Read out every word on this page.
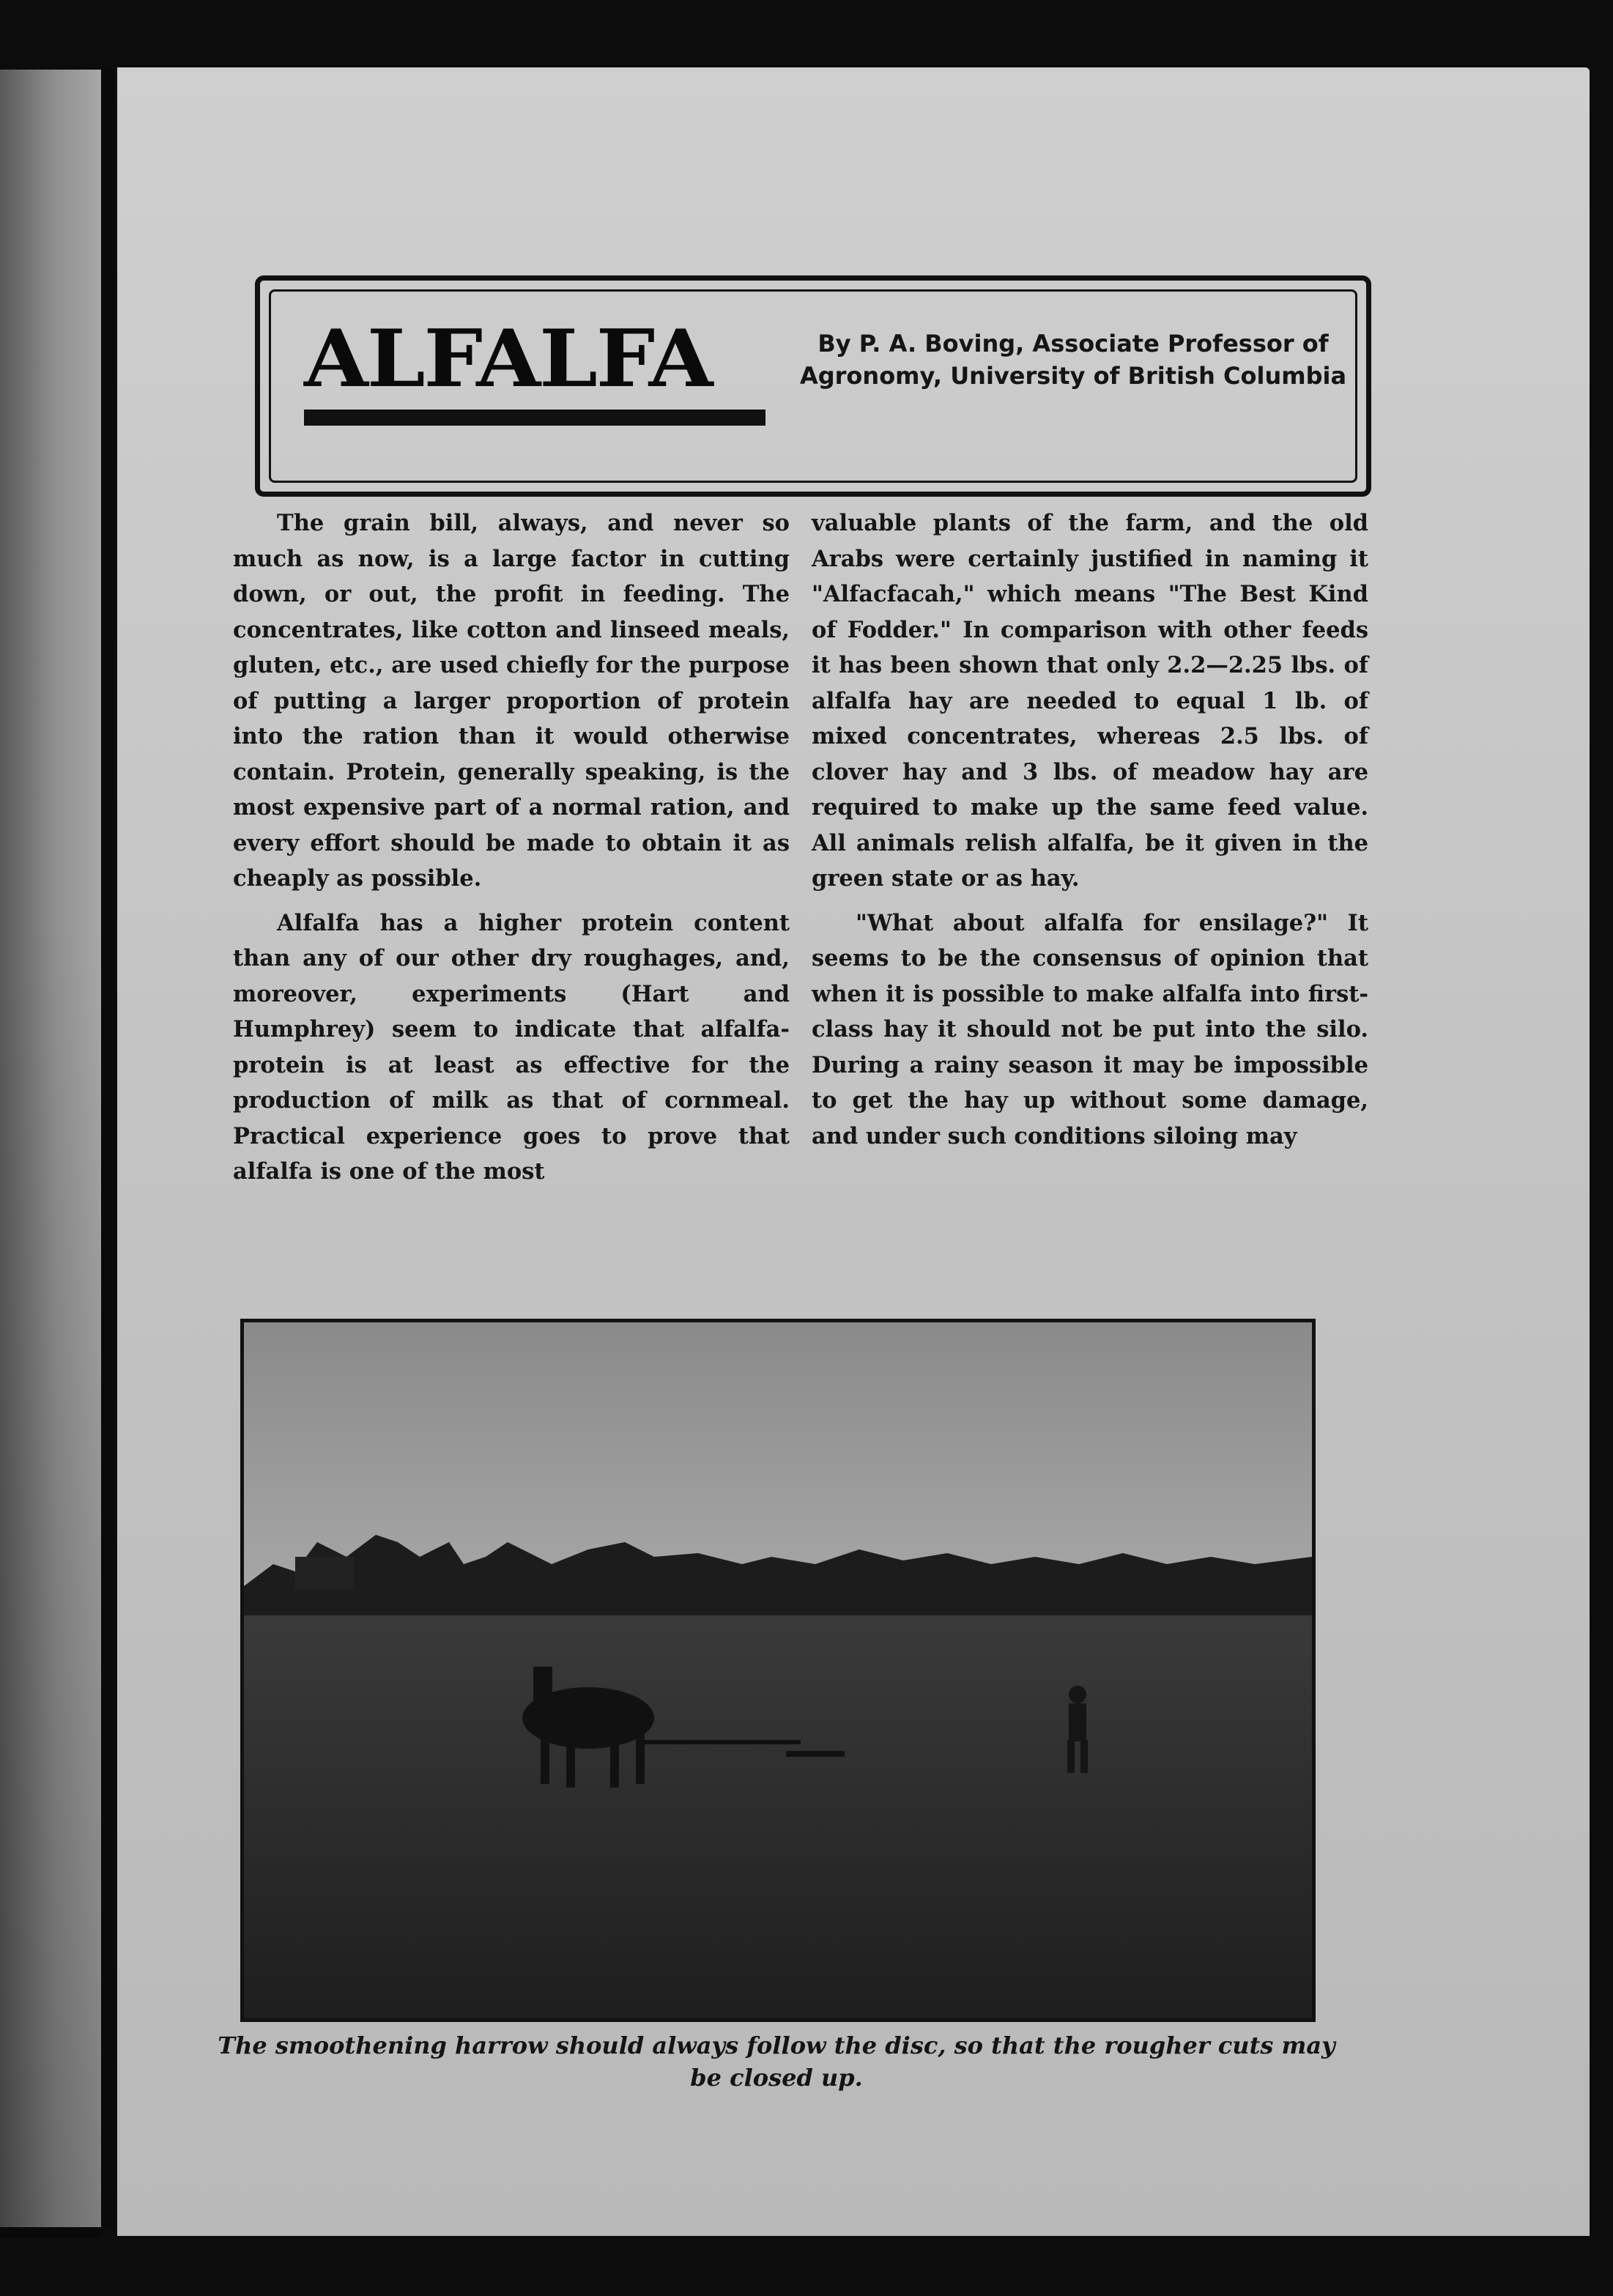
ALFALFA	By P. A. Boving, Associate Professor of Agronomy, University of British Columbia

The grain bill, always, and never so much as now, is a large factor in cutting down, or out, the profit in feeding. The concentrates, like cotton and linseed meals, gluten, etc., are used chiefly for the purpose of putting a larger proportion of protein into the ration than it would otherwise contain. Protein, generally speaking, is the most expensive part of a normal ration, and every effort should be made to obtain it as cheaply as possible.

Alfalfa has a higher protein content than any of our other dry roughages, and, moreover, experiments (Hart and Humphrey) seem to indicate that alfalfa-protein is at least as effective for the production of milk as that of cornmeal. Practical experience goes to prove that alfalfa is one of the most

valuable plants of the farm, and the old Arabs were certainly justified in naming it "Alfacfacah," which means "The Best Kind of Fodder." In comparison with other feeds it has been shown that only 2.2—2.25 lbs. of alfalfa hay are needed to equal 1 lb. of mixed concentrates, whereas 2.5 lbs. of clover hay and 3 lbs. of meadow hay are required to make up the same feed value. All animals relish alfalfa, be it given in the green state or as hay.

"What about alfalfa for ensilage?" It seems to be the consensus of opinion that when it is possible to make alfalfa into first-class hay it should not be put into the silo. During a rainy season it may be impossible to get the hay up without some damage, and under such conditions siloing may

The smoothening harrow should always follow the disc, so that the rougher cuts may be closed up.
